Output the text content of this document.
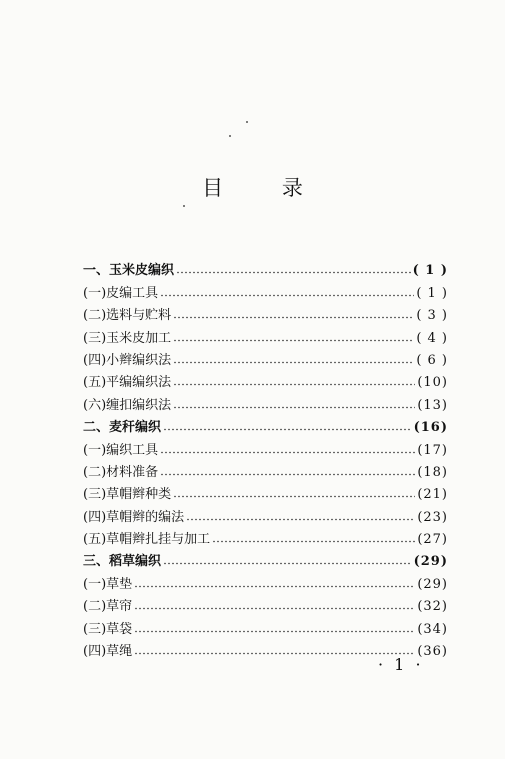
目 录
一、 玉米皮编织	( 1 )
(一) 皮编工具	( 1 )
(二) 选料与贮料	( 3 )
(三) 玉米皮加工	( 4 )
(四) 小辫编织法	( 6 )
(五) 平编编织法	(10)
(六) 缠扣编织法	(13)
二、 麦秆编织	(16)
(一) 编织工具	(17)
(二) 材料准备	(18)
(三) 草帽辫种类	(21)
(四) 草帽辫的编法	(23)
(五) 草帽辫扎挂与加工	(27)
三、 稻草编织	(29)
(一) 草垫	(29)
(二) 草帘	(32)
(三) 草袋	(34)
(四) 草绳	(36)
· 1 ·
